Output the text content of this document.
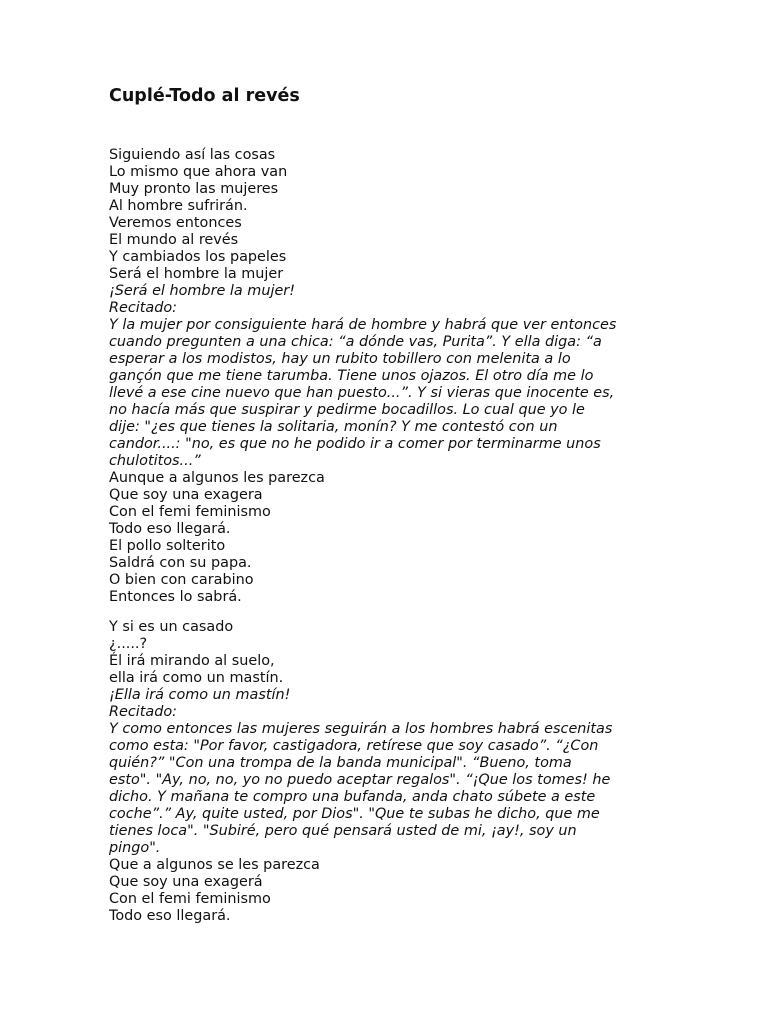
Cuplé-Todo al revés
Siguiendo así las cosas
Lo mismo que ahora van
Muy pronto las mujeres
Al hombre sufrirán.
Veremos entonces
El mundo al revés
Y cambiados los papeles
Será el hombre la mujer
¡Será el hombre la mujer!
Recitado:
Y la mujer por consiguiente hará de hombre y habrá que ver entonces
cuando pregunten a una chica: “a dónde vas, Purita”. Y ella diga: “a
esperar a los modistos, hay un rubito tobillero con melenita a lo
gançón que me tiene tarumba. Tiene unos ojazos. El otro día me lo
llevé a ese cine nuevo que han puesto...”. Y si vieras que inocente es,
no hacía más que suspirar y pedirme bocadillos. Lo cual que yo le
dije: "¿es que tienes la solitaria, monín? Y me contestó con un
candor....: "no, es que no he podido ir a comer por terminarme unos
chulotitos...”
Aunque a algunos les parezca
Que soy una exagera
Con el femi feminismo
Todo eso llegará.
El pollo solterito
Saldrá con su papa.
O bien con carabino
Entonces lo sabrá.
Y si es un casado
¿.....?
Él irá mirando al suelo,
ella irá como un mastín.
¡Ella irá como un mastín!
Recitado:
Y como entonces las mujeres seguirán a los hombres habrá escenitas
como esta: "Por favor, castigadora, retírese que soy casado”. “¿Con
quién?” "Con una trompa de la banda municipal". “Bueno, toma
esto". "Ay, no, no, yo no puedo aceptar regalos". “¡Que los tomes! he
dicho. Y mañana te compro una bufanda, anda chato súbete a este
coche”.” Ay, quite usted, por Dios". "Que te subas he dicho, que me
tienes loca". "Subiré, pero qué pensará usted de mi, ¡ay!, soy un
pingo".
Que a algunos se les parezca
Que soy una exagerá
Con el femi feminismo
Todo eso llegará.
